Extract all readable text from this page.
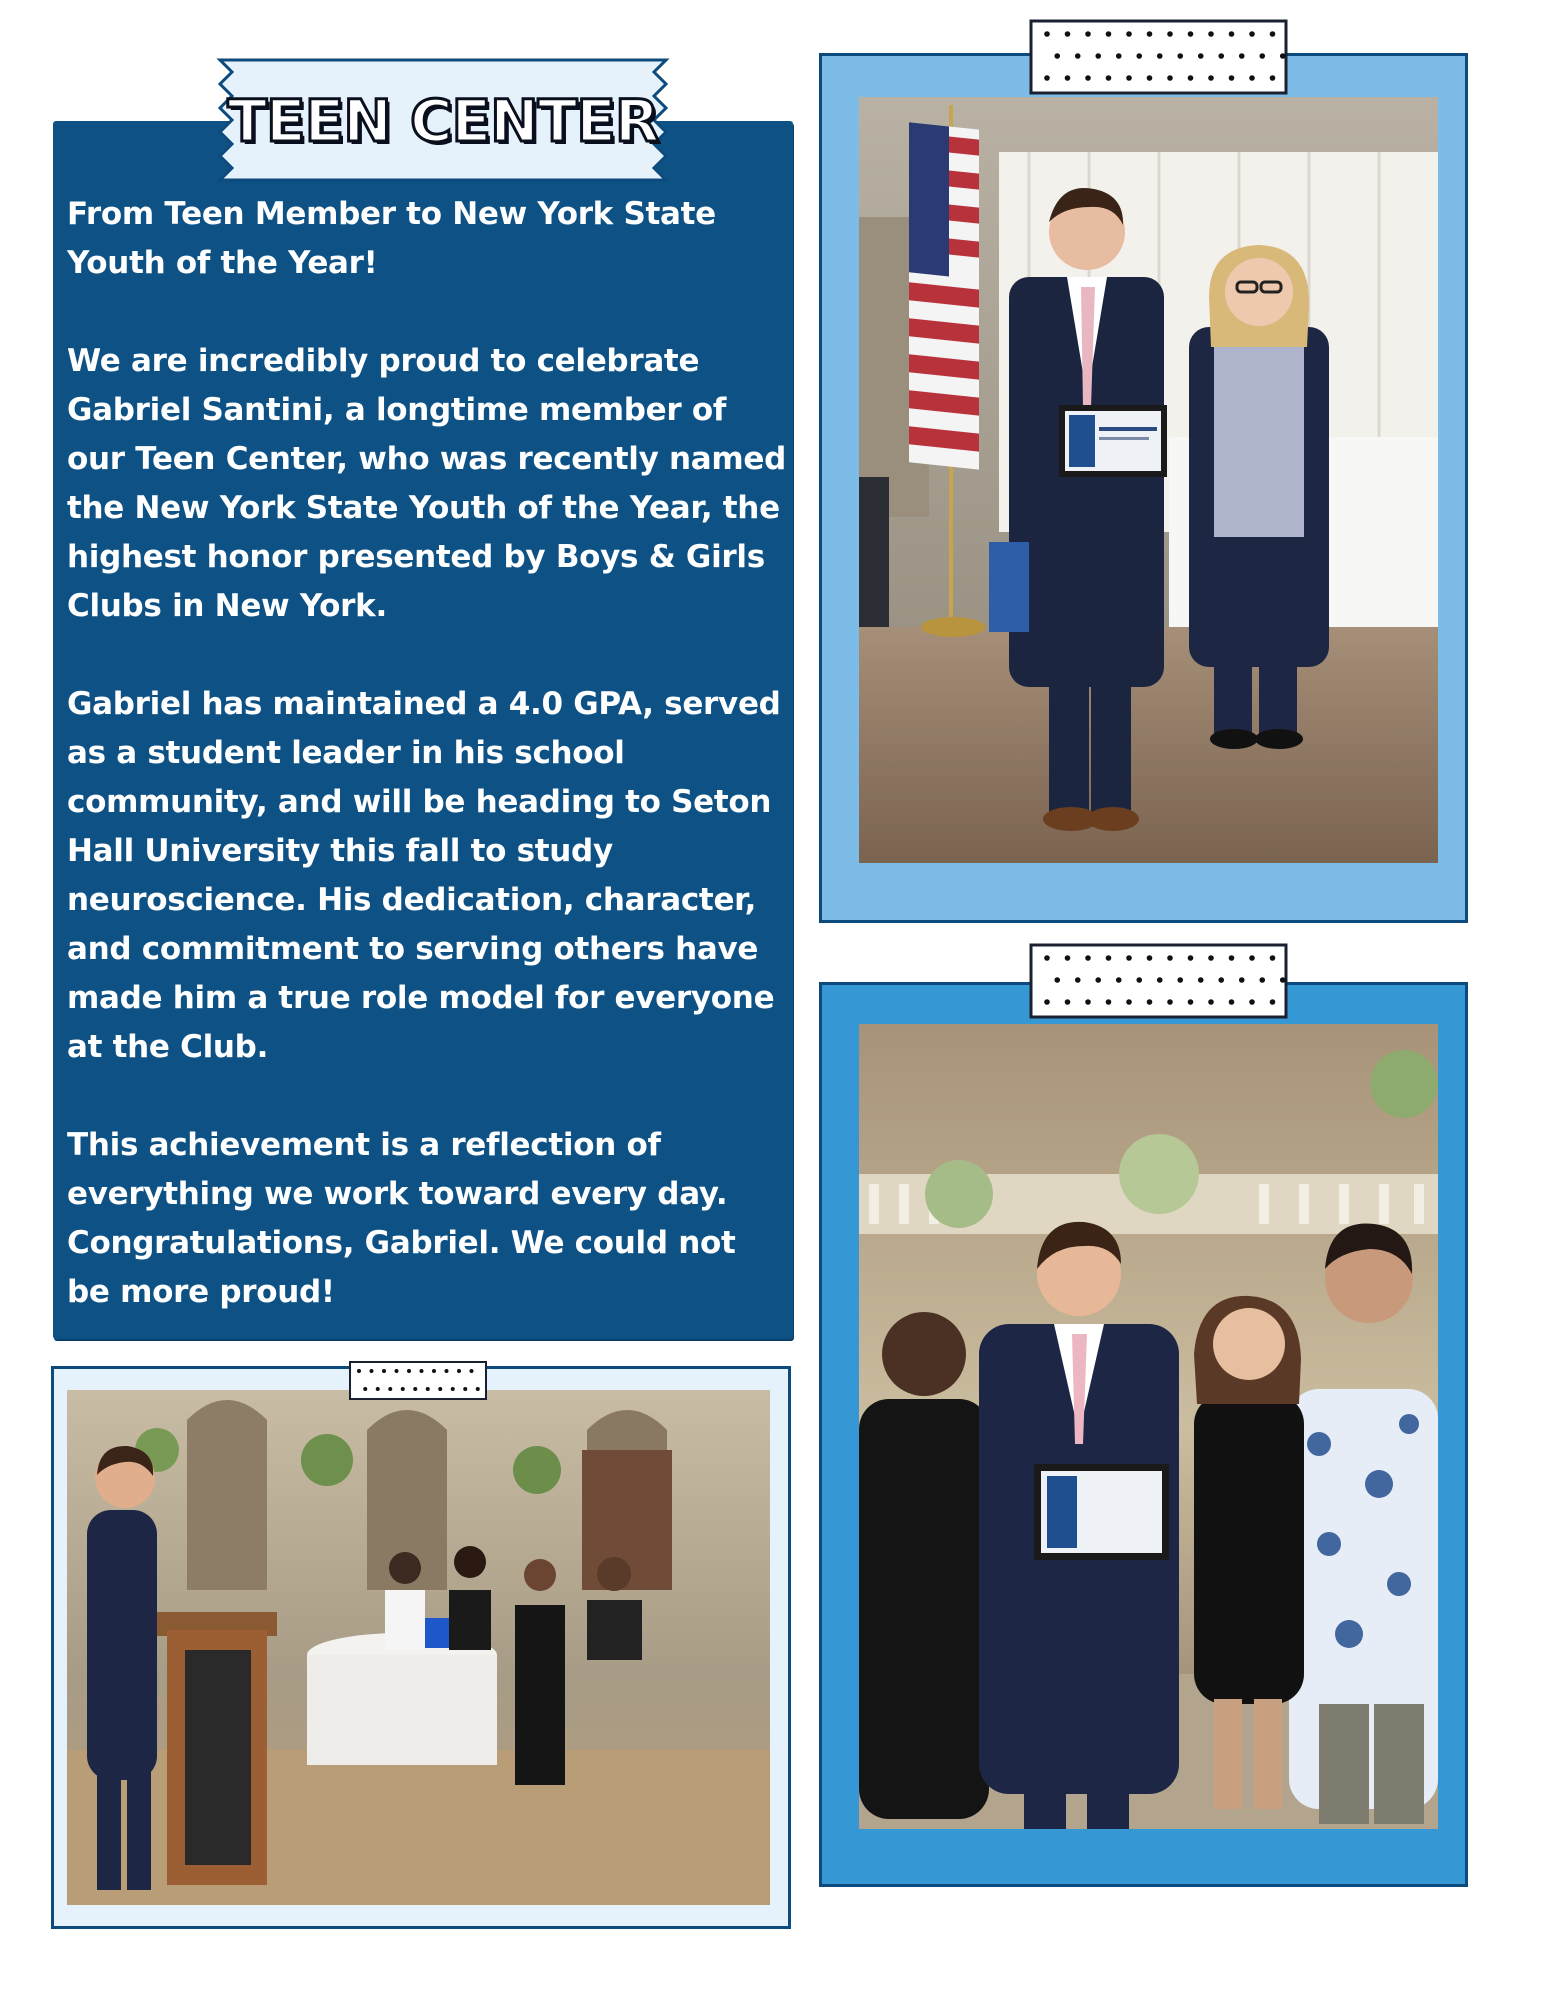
TEEN CENTER

From Teen Member to New York State Youth of the Year!

We are incredibly proud to celebrate Gabriel Santini, a longtime member of our Teen Center, who was recently named the New York State Youth of the Year, the highest honor presented by Boys & Girls Clubs in New York.

Gabriel has maintained a 4.0 GPA, served as a student leader in his school community, and will be heading to Seton Hall University this fall to study neuroscience. His dedication, character, and commitment to serving others have made him a true role model for everyone at the Club.

This achievement is a reflection of everything we work toward every day. Congratulations, Gabriel. We could not be more proud!
